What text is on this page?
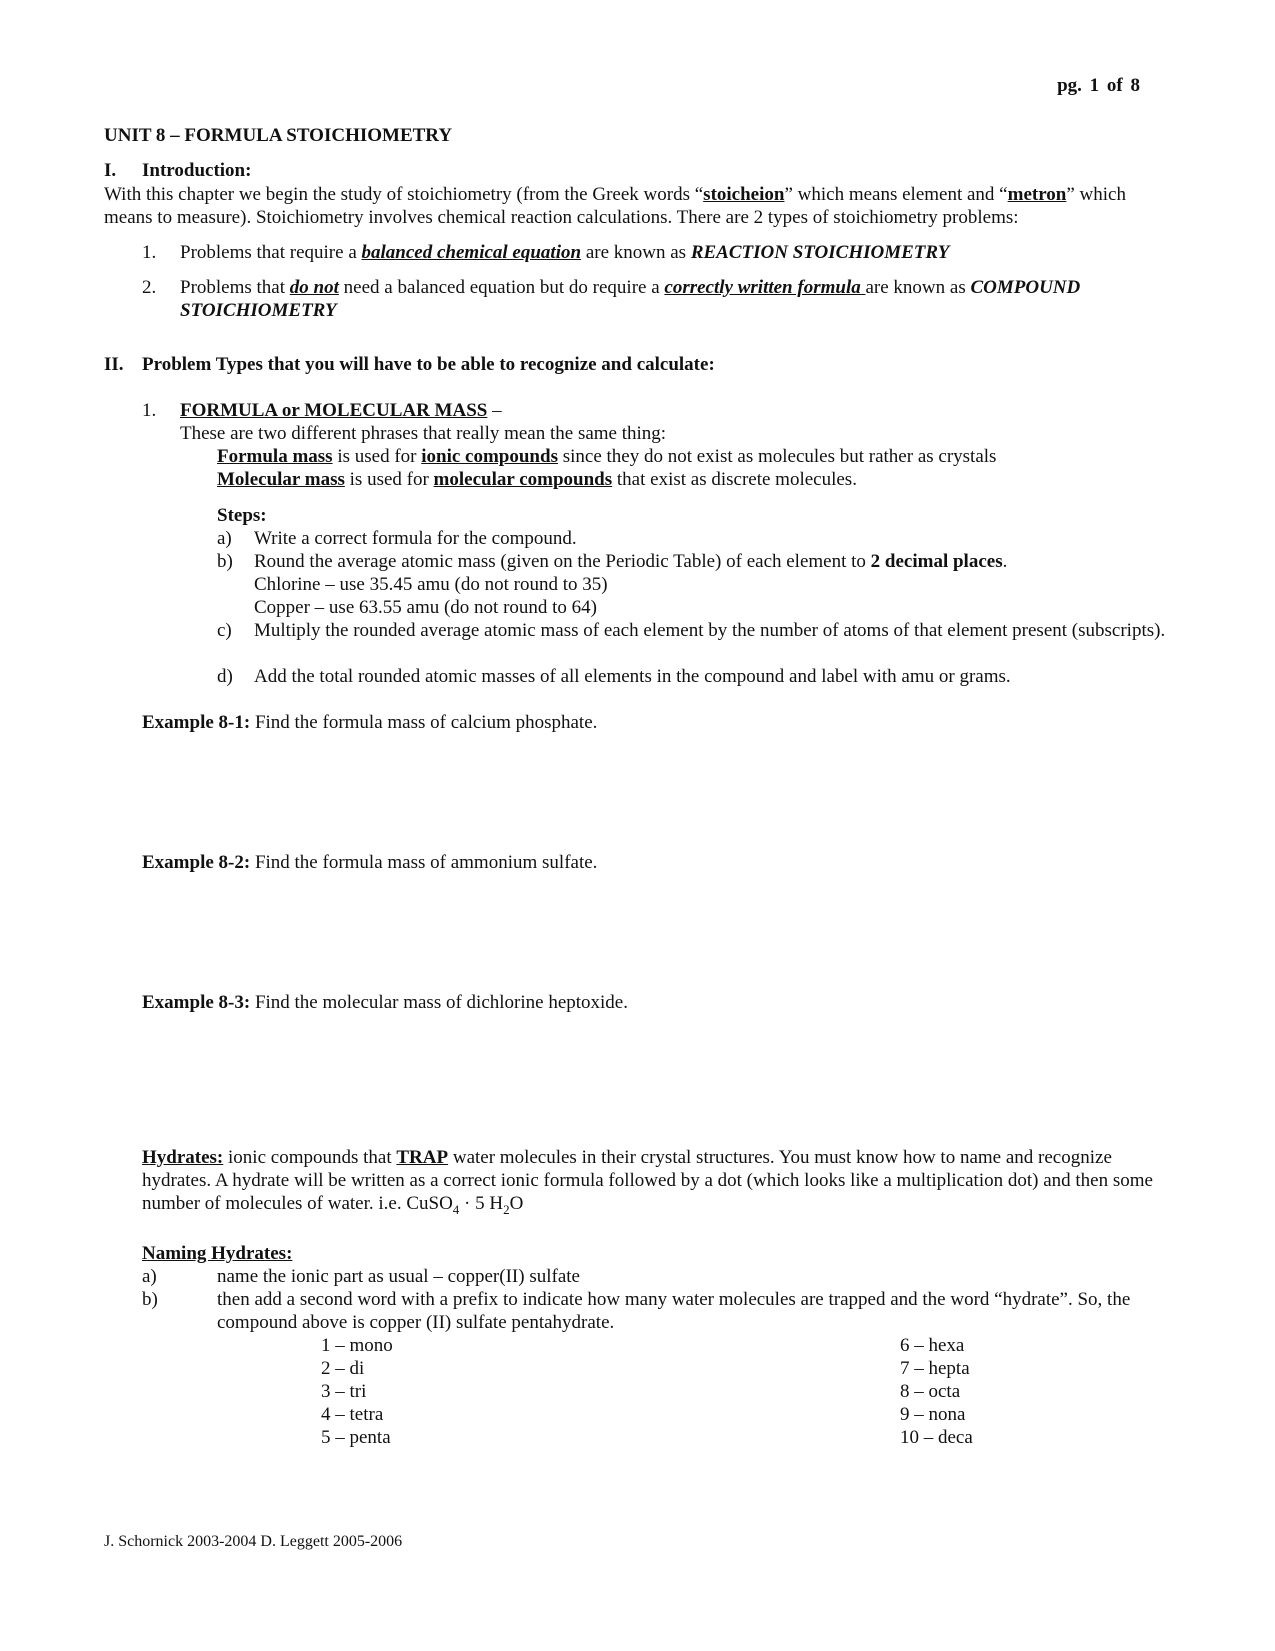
pg. 1 of 8
UNIT 8 – FORMULA STOICHIOMETRY
I. Introduction:
With this chapter we begin the study of stoichiometry (from the Greek words “stoicheion” which means element and “metron” which means to measure). Stoichiometry involves chemical reaction calculations. There are 2 types of stoichiometry problems:
1. Problems that require a balanced chemical equation are known as REACTION STOICHIOMETRY
2. Problems that do not need a balanced equation but do require a correctly written formula are known as COMPOUND STOICHIOMETRY
II. Problem Types that you will have to be able to recognize and calculate:
1. FORMULA or MOLECULAR MASS –
These are two different phrases that really mean the same thing:
Formula mass is used for ionic compounds since they do not exist as molecules but rather as crystals
Molecular mass is used for molecular compounds that exist as discrete molecules.
Steps:
a) Write a correct formula for the compound.
b) Round the average atomic mass (given on the Periodic Table) of each element to 2 decimal places.
Chlorine – use 35.45 amu (do not round to 35)
Copper – use 63.55 amu (do not round to 64)
c) Multiply the rounded average atomic mass of each element by the number of atoms of that element present (subscripts).
d) Add the total rounded atomic masses of all elements in the compound and label with amu or grams.
Example 8-1: Find the formula mass of calcium phosphate.
Example 8-2: Find the formula mass of ammonium sulfate.
Example 8-3: Find the molecular mass of dichlorine heptoxide.
Hydrates: ionic compounds that TRAP water molecules in their crystal structures. You must know how to name and recognize hydrates. A hydrate will be written as a correct ionic formula followed by a dot (which looks like a multiplication dot) and then some number of molecules of water. i.e. CuSO$_4$ · 5 $H_2O$
Naming Hydrates:
a)	name the ionic part as usual – copper(II) sulfate
b)	then add a second word with a prefix to indicate how many water molecules are trapped and the word “hydrate”. So, the compound above is copper (II) sulfate pentahydrate.
1 – mono
2 – di
3 – tri
4 – tetra
5 – penta
6 – hexa
7 – hepta
8 – octa
9 – nona
10 – deca
J. Schornick 2003-2004 D. Leggett 2005-2006
